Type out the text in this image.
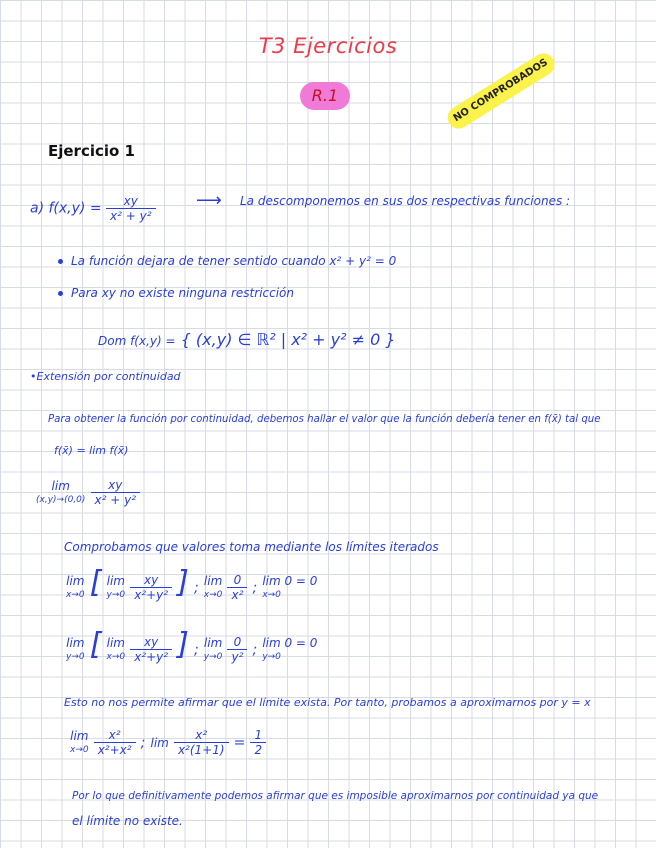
T3 Ejercicios
R.1	NO COMPROBADOS
Ejercicio 1
a) $f(x,y) = \frac{xy}{\text{x² + y²}}$ ⟶ La descomponemos en sus dos respectivas funciones :
La función dejara de tener sentido cuando x² + y² = 0
Para xy no existe ninguna restricción
Dom f(x,y) = { (x,y) ∈ ℝ² | x² + y² ≠ 0 }
•Extensión por continuidad
Para obtener la función por continuidad, debemos hallar el valor que la función debería tener en f(x̄) tal que
f(x̄) = lim f(x̄)
lim
(x,y)→(0,0)
$\frac{xy}{\text{x² + y²}}$
Comprobamos que valores toma mediante los límites iterados
lim
x→0 [ lim
y→0
$\frac{xy}{\text{x²+y²}}$ ] ; lim
x→0
$\frac{0}{\text{x²}}$ ; lim 0 = 0
x→0
lim
y→0 [ lim
x→0
$\frac{xy}{\text{x²+y²}}$ ] ; lim
y→0
$\frac{0}{\text{y²}}$ ; lim 0 = 0
y→0
Esto no nos permite afirmar que el límite exista. Por tanto, probamos a aproximarnos por y = x
lim
x→0
$\frac{\text{x²}}{\text{x²+x²}}$ ; $\lim \frac{\text{x²}}{\text{x²(1+1)}} = \frac{1}{2}$
Por lo que definitivamente podemos afirmar que es imposible aproximarnos por continuidad ya que
el límite no existe.
